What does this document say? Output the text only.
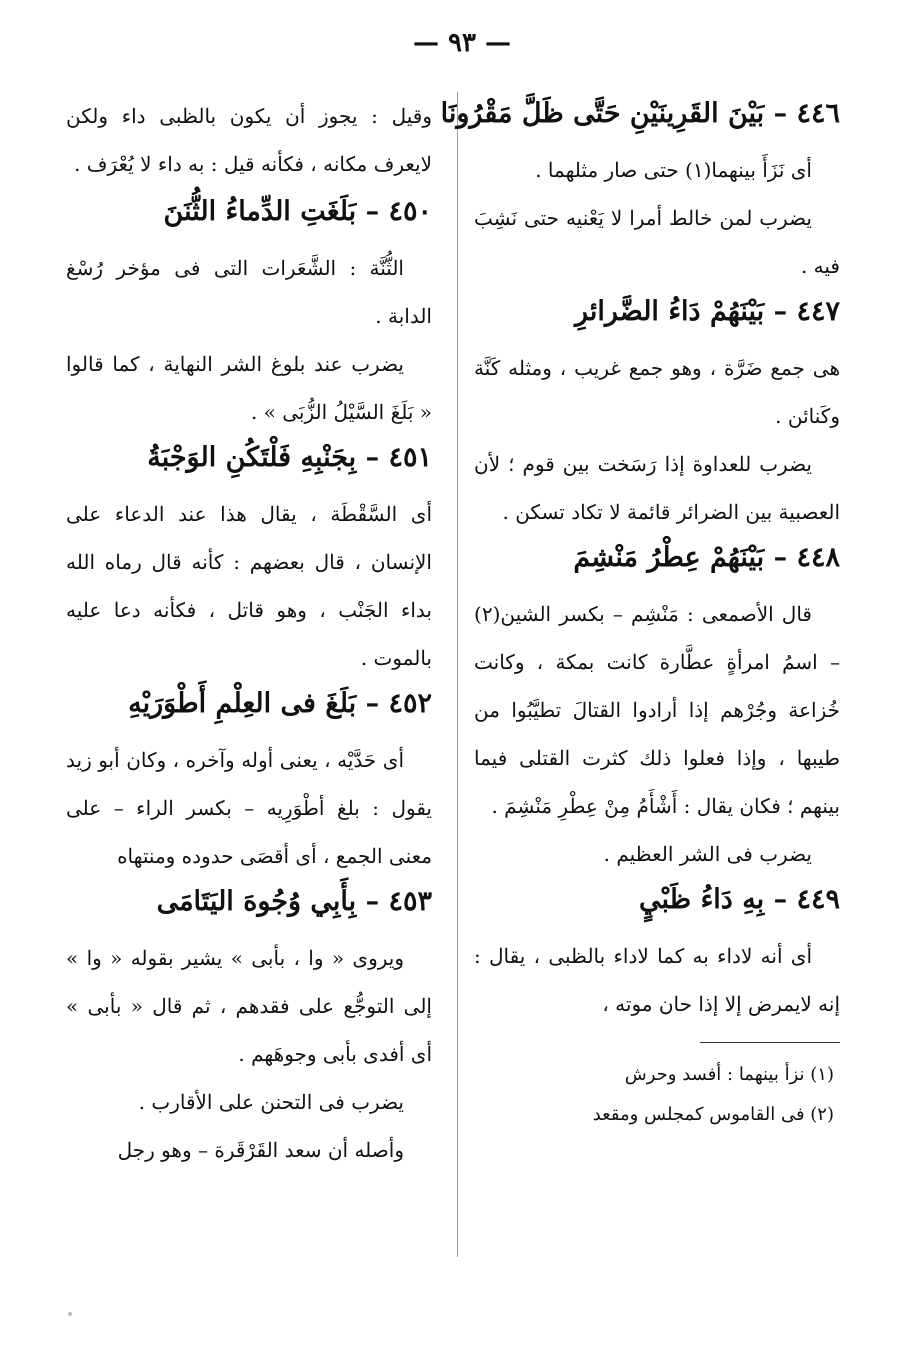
— ٩٣ —
٤٤٦ – بَيْنَ القَرِينَيْنِ حَتَّى ظَلَّ مَقْرُونَا

أى نَزَأَ بينهما(١) حتى صار مثلهما .

يضرب لمن خالط أمرا لا يَعْنيه حتى نَشِبَ فيه .

٤٤٧ – بَيْنَهُمْ دَاءُ الضَّرائرِ

هى جمع ضَرَّة ، وهو جمع غريب ، ومثله كَنَّة وكَنائن .

يضرب للعداوة إذا رَسَخت بين قوم ؛ لأن العصبية بين الضرائر قائمة لا تكاد تسكن .

٤٤٨ – بَيْنَهُمْ عِطْرُ مَنْشِمَ

قال الأصمعى : مَنْشِم – بكسر الشين(٢) – اسمُ امرأةٍ عطَّارة كانت بمكة ، وكانت خُزاعة وجُرْهم إذا أرادوا القتالَ تطيَّبُوا من طيبها ، وإذا فعلوا ذلك كثرت القتلى فيما بينهم ؛ فكان يقال : أَشْأَمُ مِنْ عِطْرِ مَنْشِمَ .

يضرب فى الشر العظيم .

٤٤٩ – بِهِ دَاءُ ظَبْيٍ

أى أنه لاداء به كما لاداء بالظبى ، يقال : إنه لايمرض إلا إذا حان موته ،

(١) نزأ بينهما : أفسد وحرش

(٢) فى القاموس كمجلس ومقعد

وقيل : يجوز أن يكون بالظبى داء ولكن لايعرف مكانه ، فكأنه قيل : به داء لا يُعْرَف .

٤٥٠ – بَلَغَتِ الدِّماءُ الثُّنَنَ

الثُّنَّة : الشَّعَرات التى فى مؤخر رُسْغ الدابة .

يضرب عند بلوغ الشر النهاية ، كما قالوا « بَلَغَ السَّيْلُ الزُّبَى » .

٤٥١ – بِجَنْبِهِ فَلْتَكُنِ الوَجْبَةُ

أى السَّقْطَة ، يقال هذا عند الدعاء على الإنسان ، قال بعضهم : كأنه قال رماه الله بداء الجَنْب ، وهو قاتل ، فكأنه دعا عليه بالموت .

٤٥٢ – بَلَغَ فى العِلْمِ أَطْوَرَيْهِ

أى حَدَّيْه ، يعنى أوله وآخره ، وكان أبو زيد يقول : بلغ أطْوَرِيه – بكسر الراء – على معنى الجمع ، أى أقصَى حدوده ومنتهاه

٤٥٣ – بِأَبِي وُجُوهَ اليَتَامَى

ويروى « وا ، بأبى » يشير بقوله « وا » إلى التوجُّع على فقدهم ، ثم قال « بأبى » أى أفدى بأبى وجوهَهم .

يضرب فى التحنن على الأقارب .

وأصله أن سعد القَرْقَرة – وهو رجل
